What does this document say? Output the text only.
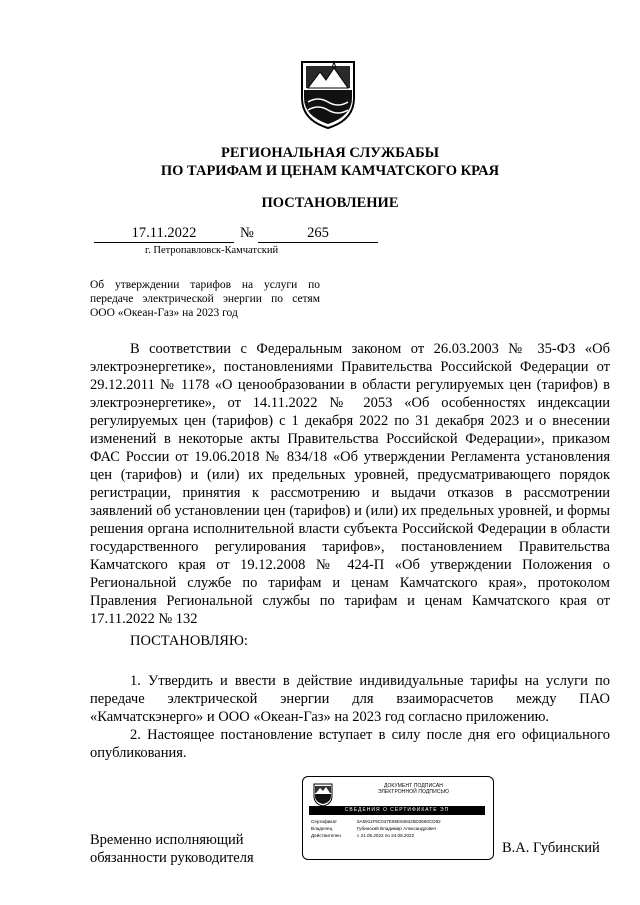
РЕГИОНАЛЬНАЯ СЛУЖБАБЫ
ПО ТАРИФАМ И ЦЕНАМ КАМЧАТСКОГО КРАЯ
ПОСТАНОВЛЕНИЕ
17.11.2022	№	265
г. Петропавловск-Камчатский
Об утверждении тарифов на услуги по передаче электрической энергии по сетям ООО «Океан-Газ» на 2023 год
В соответствии с Федеральным законом от 26.03.2003 № 35-ФЗ «Об электроэнергетике», постановлениями Правительства Российской Федерации от 29.12.2011 № 1178 «О ценообразовании в области регулируемых цен (тарифов) в электроэнергетике», от 14.11.2022 № 2053 «Об особенностях индексации регулируемых цен (тарифов) с 1 декабря 2022 по 31 декабря 2023 и о внесении изменений в некоторые акты Правительства Российской Федерации», приказом ФАС России от 19.06.2018 № 834/18 «Об утверждении Регламента установления цен (тарифов) и (или) их предельных уровней, предусматривающего порядок регистрации, принятия к рассмотрению и выдачи отказов в рассмотрении заявлений об установлении цен (тарифов) и (или) их предельных уровней, и формы решения органа исполнительной власти субъекта Российской Федерации в области государственного регулирования тарифов», постановлением Правительства Камчатского края от 19.12.2008 № 424-П «Об утверждении Положения о Региональной службе по тарифам и ценам Камчатского края», протоколом Правления Региональной службы по тарифам и ценам Камчатского края от 17.11.2022 № 132
ПОСТАНОВЛЯЮ:
1. Утвердить и ввести в действие индивидуальные тарифы на услуги по передаче электрической энергии для взаиморасчетов между ПАО «Камчатскэнерго» и ООО «Океан-Газ» на 2023 год согласно приложению.
2. Настоящее постановление вступает в силу после дня его официального опубликования.
Временно исполняющий
обязанности руководителя
ДОКУМЕНТ ПОДПИСАН
ЭЛЕКТРОННОЙ ПОДПИСЬЮ
СВЕДЕНИЯ О СЕРТИФИКАТЕ ЭП
Сертификат	5A5911F9C047E95E848428D3660CD92
Владелец	Губинский Владимир Александрович
Действителен	с 21.05.2022 по 24.08.2022
В.А. Губинский
